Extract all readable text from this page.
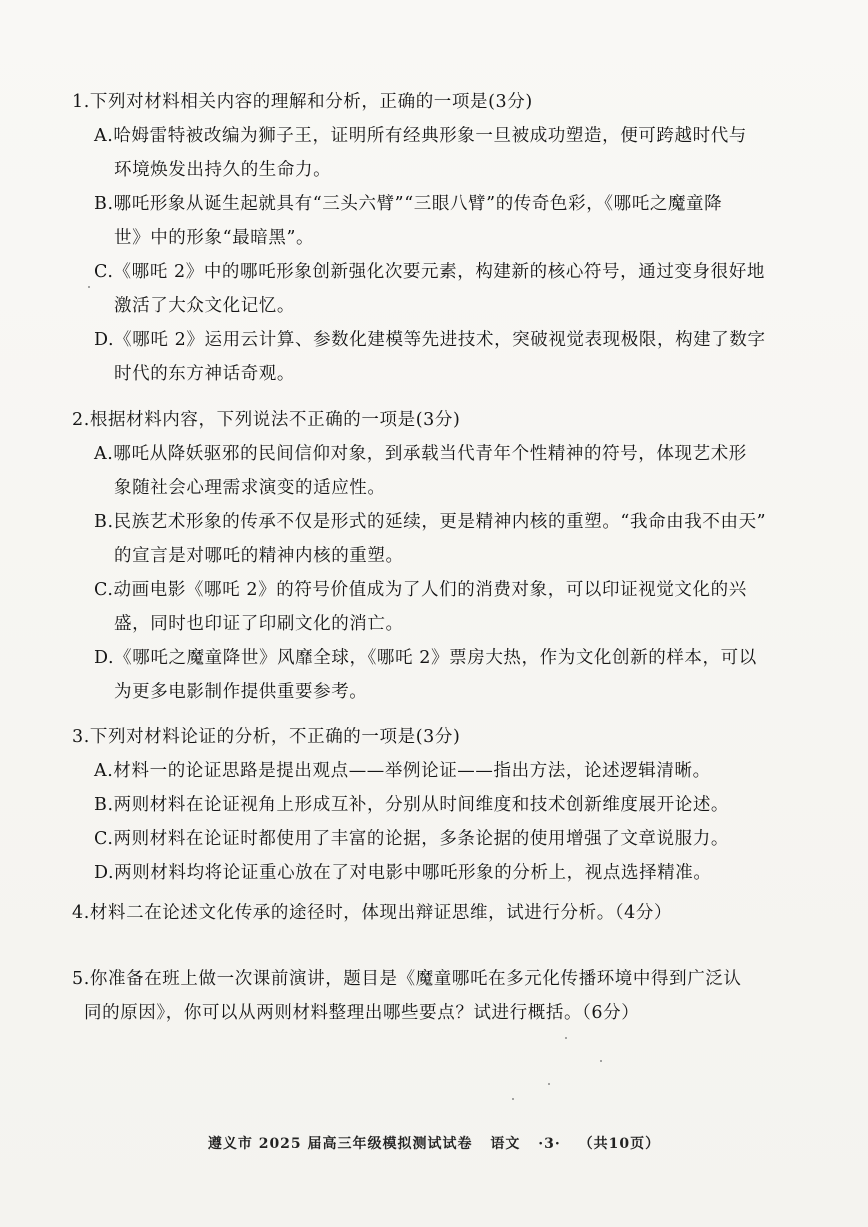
1.下列对材料相关内容的理解和分析，正确的一项是(3分)
A.哈姆雷特被改编为狮子王，证明所有经典形象一旦被成功塑造，便可跨越时代与
环境焕发出持久的生命力。
B.哪吒形象从诞生起就具有“三头六臂”“三眼八臂”的传奇色彩，《哪吒之魔童降
世》中的形象“最暗黑”。
C.《哪吒 2》中的哪吒形象创新强化次要元素，构建新的核心符号，通过变身很好地
激活了大众文化记忆。
D.《哪吒 2》运用云计算、参数化建模等先进技术，突破视觉表现极限，构建了数字
时代的东方神话奇观。
2.根据材料内容，下列说法不正确的一项是(3分)
A.哪吒从降妖驱邪的民间信仰对象，到承载当代青年个性精神的符号，体现艺术形
象随社会心理需求演变的适应性。
B.民族艺术形象的传承不仅是形式的延续，更是精神内核的重塑。“我命由我不由天”
的宣言是对哪吒的精神内核的重塑。
C.动画电影《哪吒 2》的符号价值成为了人们的消费对象，可以印证视觉文化的兴
盛，同时也印证了印刷文化的消亡。
D.《哪吒之魔童降世》风靡全球，《哪吒 2》票房大热，作为文化创新的样本，可以
为更多电影制作提供重要参考。
3.下列对材料论证的分析，不正确的一项是(3分)
A.材料一的论证思路是提出观点——举例论证——指出方法，论述逻辑清晰。
B.两则材料在论证视角上形成互补，分别从时间维度和技术创新维度展开论述。
C.两则材料在论证时都使用了丰富的论据，多条论据的使用增强了文章说服力。
D.两则材料均将论证重心放在了对电影中哪吒形象的分析上，视点选择精准。
4.材料二在论述文化传承的途径时，体现出辩证思维，试进行分析。（4分）
5.你准备在班上做一次课前演讲，题目是《魔童哪吒在多元化传播环境中得到广泛认
同的原因》，你可以从两则材料整理出哪些要点？试进行概括。（6分）
遵义市 2025 届高三年级模拟测试试卷 语文 ·3· （共10页）
